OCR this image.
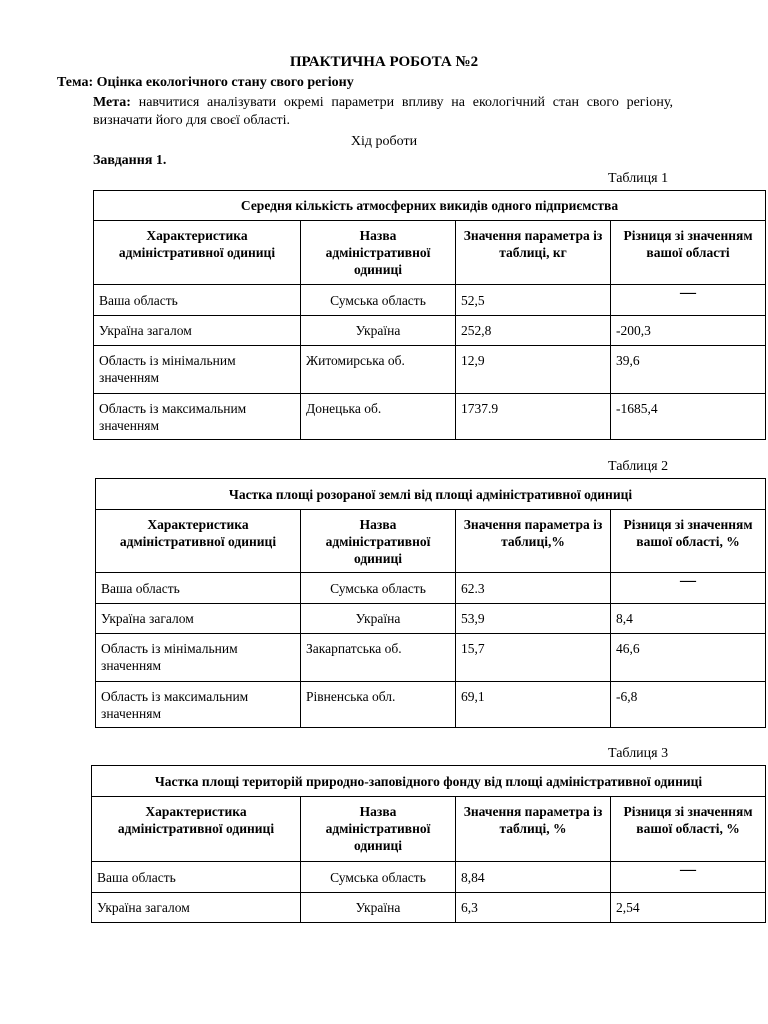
ПРАКТИЧНА РОБОТА №2
Тема: Оцінка екологічного стану свого регіону
Мета: навчитися аналізувати окремі параметри впливу на екологічний стан свого регіону, визначати його для своєї області.
Хід роботи
Завдання 1.
Таблиця 1
Середня кількість атмосферних викидів одного підприємства			
Характеристика адміністративної одиниці	Назва адміністративної одиниці	Значення параметра із таблиці, кг	Різниця зі значенням вашої області
Ваша область	Сумська область	52,5	—
Україна загалом	Україна	252,8	-200,3
Область із мінімальним значенням	Житомирська об.	12,9	39,6
Область із максимальним значенням	Донецька об.	1737.9	-1685,4
Таблиця 2
Частка площі розораної землі від площі адміністративної одиниці			
Характеристика адміністративної одиниці	Назва адміністративної одиниці	Значення параметра із таблиці,%	Різниця зі значенням вашої області, %
Ваша область	Сумська область	62.3	—
Україна загалом	Україна	53,9	8,4
Область із мінімальним значенням	Закарпатська об.	15,7	46,6
Область із максимальним значенням	Рівненська обл.	69,1	-6,8
Таблиця 3
Частка площі територій природно-заповідного фонду від площі адміністративної одиниці			
Характеристика адміністративної одиниці	Назва адміністративної одиниці	Значення параметра із таблиці, %	Різниця зі значенням вашої області, %
Ваша область	Сумська область	8,84	—
Україна загалом	Україна	6,3	2,54
